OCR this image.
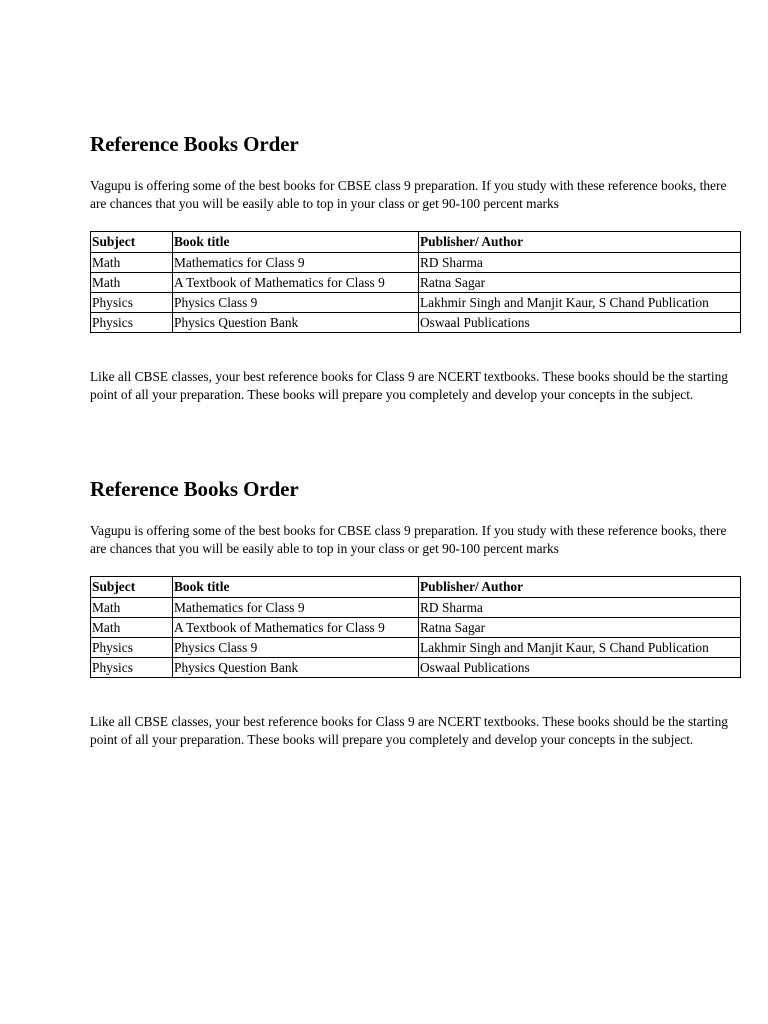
Reference Books Order

Vagupu is offering some of the best books for CBSE class 9 preparation. If you study with these reference books, there are chances that you will be easily able to top in your class or get 90-100 percent marks

Subject	Book title	Publisher/ Author
Math	Mathematics for Class 9	RD Sharma
Math	A Textbook of Mathematics for Class 9	Ratna Sagar
Physics	Physics Class 9	Lakhmir Singh and Manjit Kaur, S Chand Publication
Physics	Physics Question Bank	Oswaal Publications

Like all CBSE classes, your best reference books for Class 9 are NCERT textbooks. These books should be the starting point of all your preparation. These books will prepare you completely and develop your concepts in the subject.

Reference Books Order

Vagupu is offering some of the best books for CBSE class 9 preparation. If you study with these reference books, there are chances that you will be easily able to top in your class or get 90-100 percent marks

Subject	Book title	Publisher/ Author
Math	Mathematics for Class 9	RD Sharma
Math	A Textbook of Mathematics for Class 9	Ratna Sagar
Physics	Physics Class 9	Lakhmir Singh and Manjit Kaur, S Chand Publication
Physics	Physics Question Bank	Oswaal Publications

Like all CBSE classes, your best reference books for Class 9 are NCERT textbooks. These books should be the starting point of all your preparation. These books will prepare you completely and develop your concepts in the subject.
